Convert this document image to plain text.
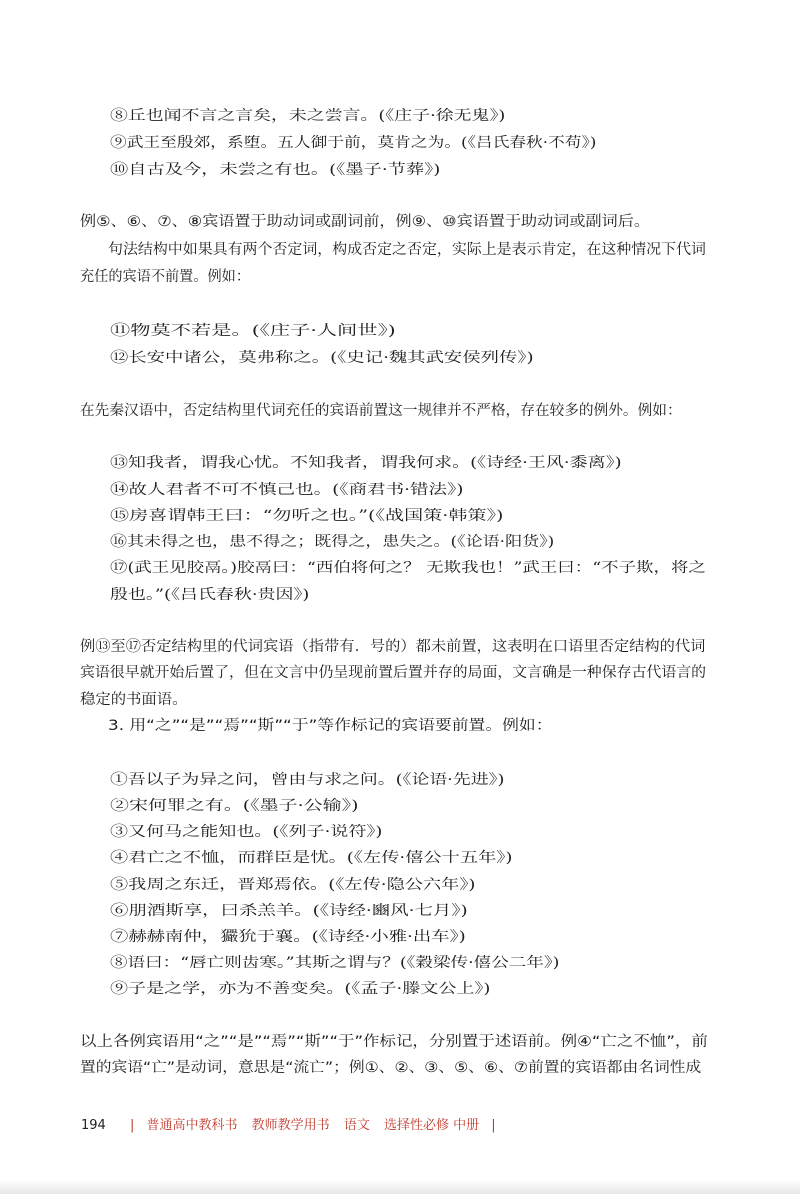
⑧丘也闻不言之言矣，未之尝言。(《庄子·徐无鬼》)
⑨武王至殷郊，系堕。五人御于前，莫肯之为。(《吕氏春秋·不苟》)
⑩自古及今，未尝之有也。(《墨子·节葬》)
例⑤、⑥、⑦、⑧宾语置于助动词或副词前，例⑨、⑩宾语置于助动词或副词后。
句法结构中如果具有两个否定词，构成否定之否定，实际上是表示肯定，在这种情况下代词
充任的宾语不前置。例如：
⑪物莫不若是。(《庄子·人间世》)
⑫长安中诸公，莫弗称之。(《史记·魏其武安侯列传》)
在先秦汉语中，否定结构里代词充任的宾语前置这一规律并不严格，存在较多的例外。例如：
⑬知我者，谓我心忧。不知我者，谓我何求。(《诗经·王风·黍离》)
⑭故人君者不可不慎己也。(《商君书·错法》)
⑮房喜谓韩王曰：“勿听之也。”(《战国策·韩策》)
⑯其未得之也，患不得之；既得之，患失之。(《论语·阳货》)
⑰(武王见胶鬲。)胶鬲曰：“西伯将何之？ 无欺我也！”武王曰：“不子欺，将之
殷也。”(《吕氏春秋·贵因》)
例⑬至⑰否定结构里的代词宾语（指带有．号的）都未前置，这表明在口语里否定结构的代词
宾语很早就开始后置了，但在文言中仍呈现前置后置并存的局面，文言确是一种保存古代语言的
稳定的书面语。
3. 用“之”“是”“焉”“斯”“于”等作标记的宾语要前置。例如：
①吾以子为异之问，曾由与求之问。(《论语·先进》)
②宋何罪之有。(《墨子·公输》)
③又何马之能知也。(《列子·说符》)
④君亡之不恤，而群臣是忧。(《左传·僖公十五年》)
⑤我周之东迁，晋郑焉依。(《左传·隐公六年》)
⑥朋酒斯享，曰杀羔羊。(《诗经·豳风·七月》)
⑦赫赫南仲，玁狁于襄。(《诗经·小雅·出车》)
⑧语曰：“唇亡则齿寒。”其斯之谓与？(《穀梁传·僖公二年》)
⑨子是之学，亦为不善变矣。(《孟子·滕文公上》)
以上各例宾语用“之”“是”“焉”“斯”“于”作标记，分别置于述语前。例④“亡之不恤”，前
置的宾语“亡”是动词，意思是“流亡”；例①、②、③、⑤、⑥、⑦前置的宾语都由名词性成
194 | 普通高中教科书 教师教学用书 语文 选择性必修 中册 |
